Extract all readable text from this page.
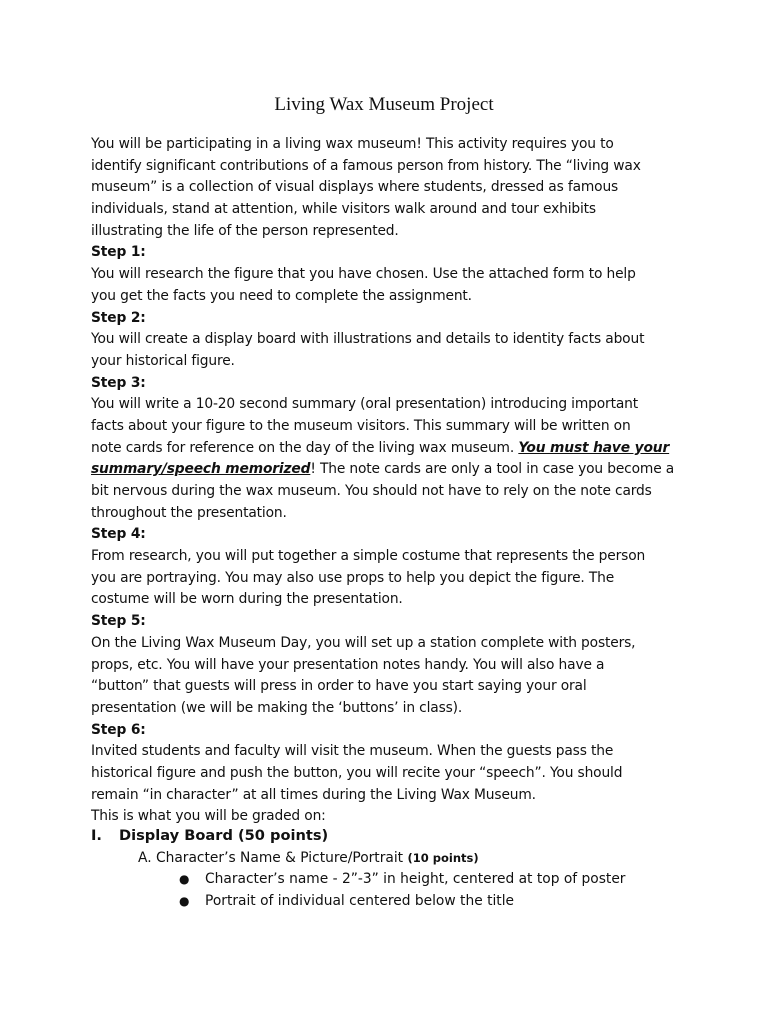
Living Wax Museum Project
You will be participating in a living wax museum! This activity requires you to
identify significant contributions of a famous person from history. The “living wax
museum” is a collection of visual displays where students, dressed as famous
individuals, stand at attention, while visitors walk around and tour exhibits
illustrating the life of the person represented.
Step 1:
You will research the figure that you have chosen. Use the attached form to help
you get the facts you need to complete the assignment.
Step 2:
You will create a display board with illustrations and details to identity facts about
your historical figure.
Step 3:
You will write a 10-20 second summary (oral presentation) introducing important
facts about your figure to the museum visitors. This summary will be written on
note cards for reference on the day of the living wax museum. You must have your
summary/speech memorized! The note cards are only a tool in case you become a
bit nervous during the wax museum. You should not have to rely on the note cards
throughout the presentation.
Step 4:
From research, you will put together a simple costume that represents the person
you are portraying. You may also use props to help you depict the figure. The
costume will be worn during the presentation.
Step 5:
On the Living Wax Museum Day, you will set up a station complete with posters,
props, etc. You will have your presentation notes handy. You will also have a
“button” that guests will press in order to have you start saying your oral
presentation (we will be making the ‘buttons’ in class).
Step 6:
Invited students and faculty will visit the museum. When the guests pass the
historical figure and push the button, you will recite your “speech”. You should
remain “in character” at all times during the Living Wax Museum.
This is what you will be graded on:
I. Display Board (50 points)
A. Character’s Name & Picture/Portrait (10 points)
● Character’s name - 2”-3” in height, centered at top of poster
● Portrait of individual centered below the title
